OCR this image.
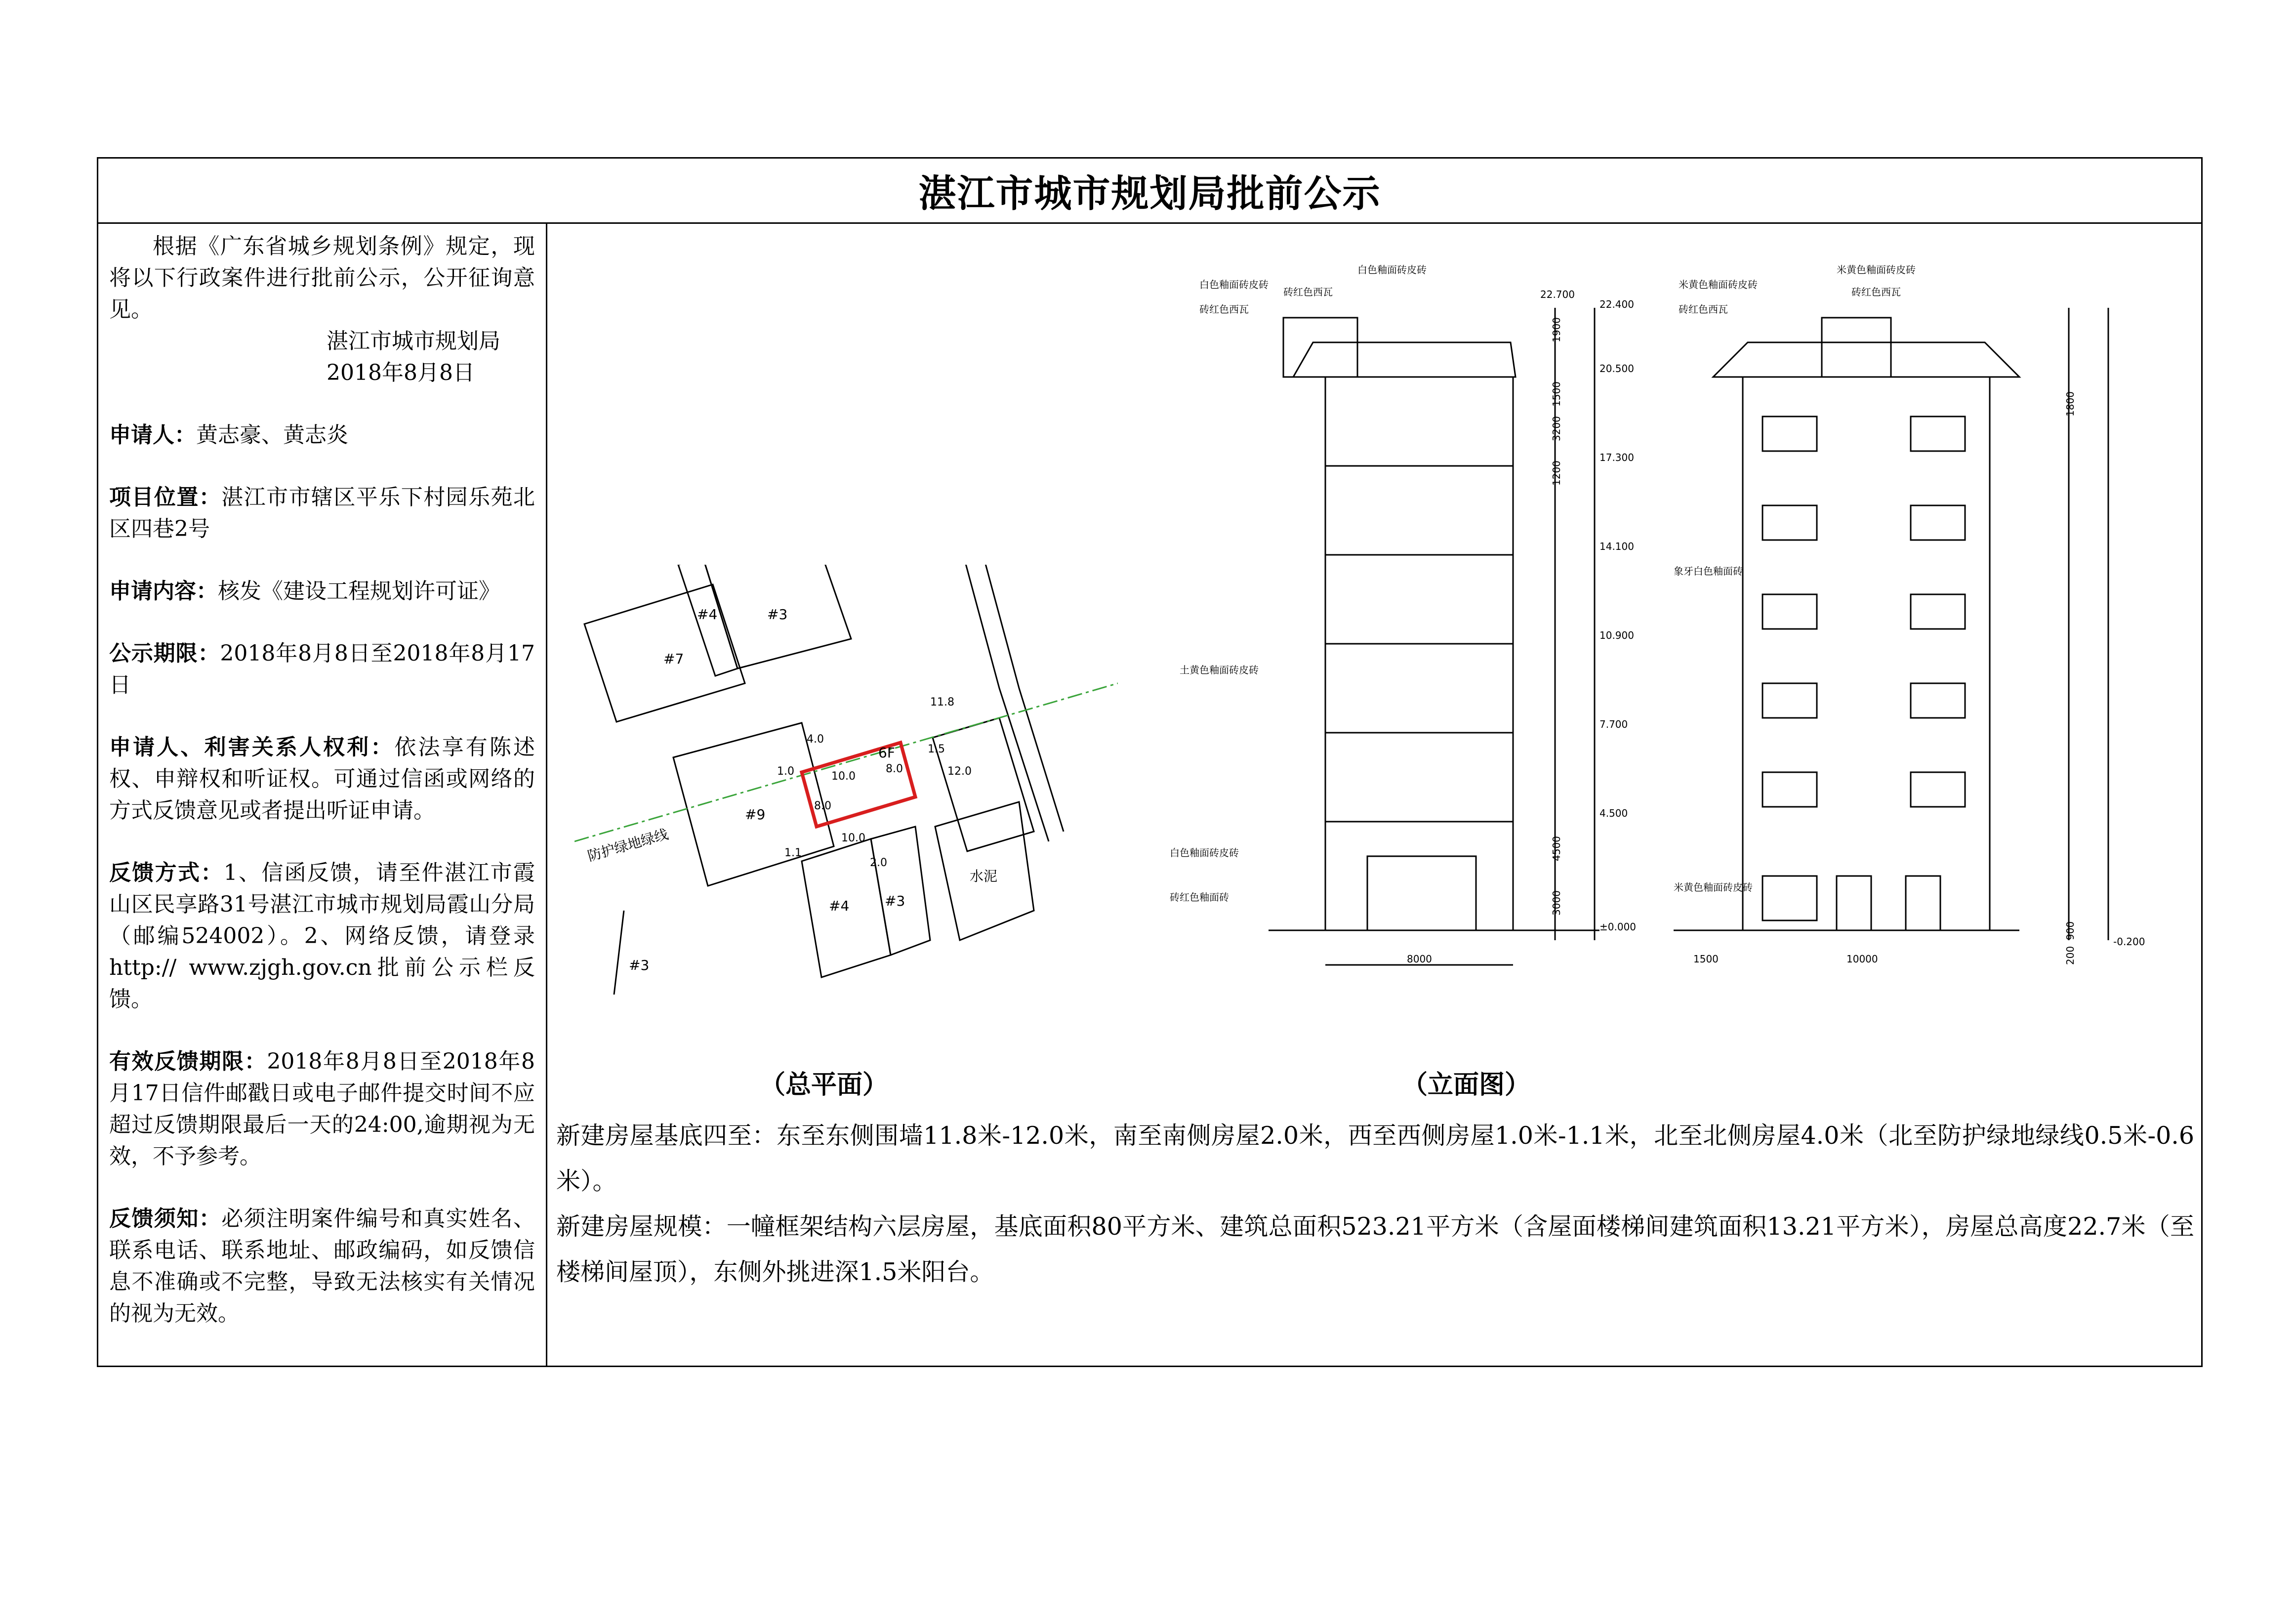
湛江市城市规划局批前公示

根据《广东省城乡规划条例》规定，现将以下行政案件进行批前公示，公开征询意见。

湛江市城市规划局

2018年8月8日

申请人：黄志豪、黄志炎

项目位置：湛江市市辖区平乐下村园乐苑北区四巷2号

申请内容：核发《建设工程规划许可证》

公示期限：2018年8月8日至2018年8月17日

申请人、利害关系人权利：依法享有陈述权、申辩权和听证权。可通过信函或网络的方式反馈意见或者提出听证申请。

反馈方式：1、信函反馈，请至件湛江市霞山区民享路31号湛江市城市规划局霞山分局（邮编524002）。2、网络反馈，请登录http:// www.zjgh.gov.cn批前公示栏反馈。

有效反馈期限：2018年8月8日至2018年8月17日信件邮戳日或电子邮件提交时间不应超过反馈期限最后一天的24:00,逾期视为无效，不予参考。

反馈须知：必须注明案件编号和真实姓名、联系电话、联系地址、邮政编码，如反馈信息不准确或不完整，导致无法核实有关情况的视为无效。

#7
#4	#3
#9
#4	#3
#3
6F
水泥
10.0
10.0
4.0
11.8
12.0
1.0
1.1
2.0
8.0
8.0
1.5
防护绿地绿线
白色釉面砖皮砖
砖红色西瓦
白色釉面砖皮砖
砖红色西瓦
土黄色釉面砖皮砖
白色釉面砖皮砖
砖红色釉面砖
22.700
22.400
20.500
17.300
14.100
10.900
7.700
4.500
±0.000
1900
1500
3200
1200
4500
3000
8000
米黄色釉面砖皮砖
砖红色西瓦
米黄色釉面砖皮砖
砖红色西瓦
象牙白色釉面砖
米黄色釉面砖皮砖
-0.200
1800
900
200
1500	10000
（总平面）	（立面图）

新建房屋基底四至：东至东侧围墙11.8米-12.0米，南至南侧房屋2.0米，西至西侧房屋1.0米-1.1米，北至北侧房屋4.0米（北至防护绿地绿线0.5米-0.6米）。

新建房屋规模：一幢框架结构六层房屋，基底面积80平方米、建筑总面积523.21平方米（含屋面楼梯间建筑面积13.21平方米），房屋总高度22.7米（至楼梯间屋顶），东侧外挑进深1.5米阳台。
